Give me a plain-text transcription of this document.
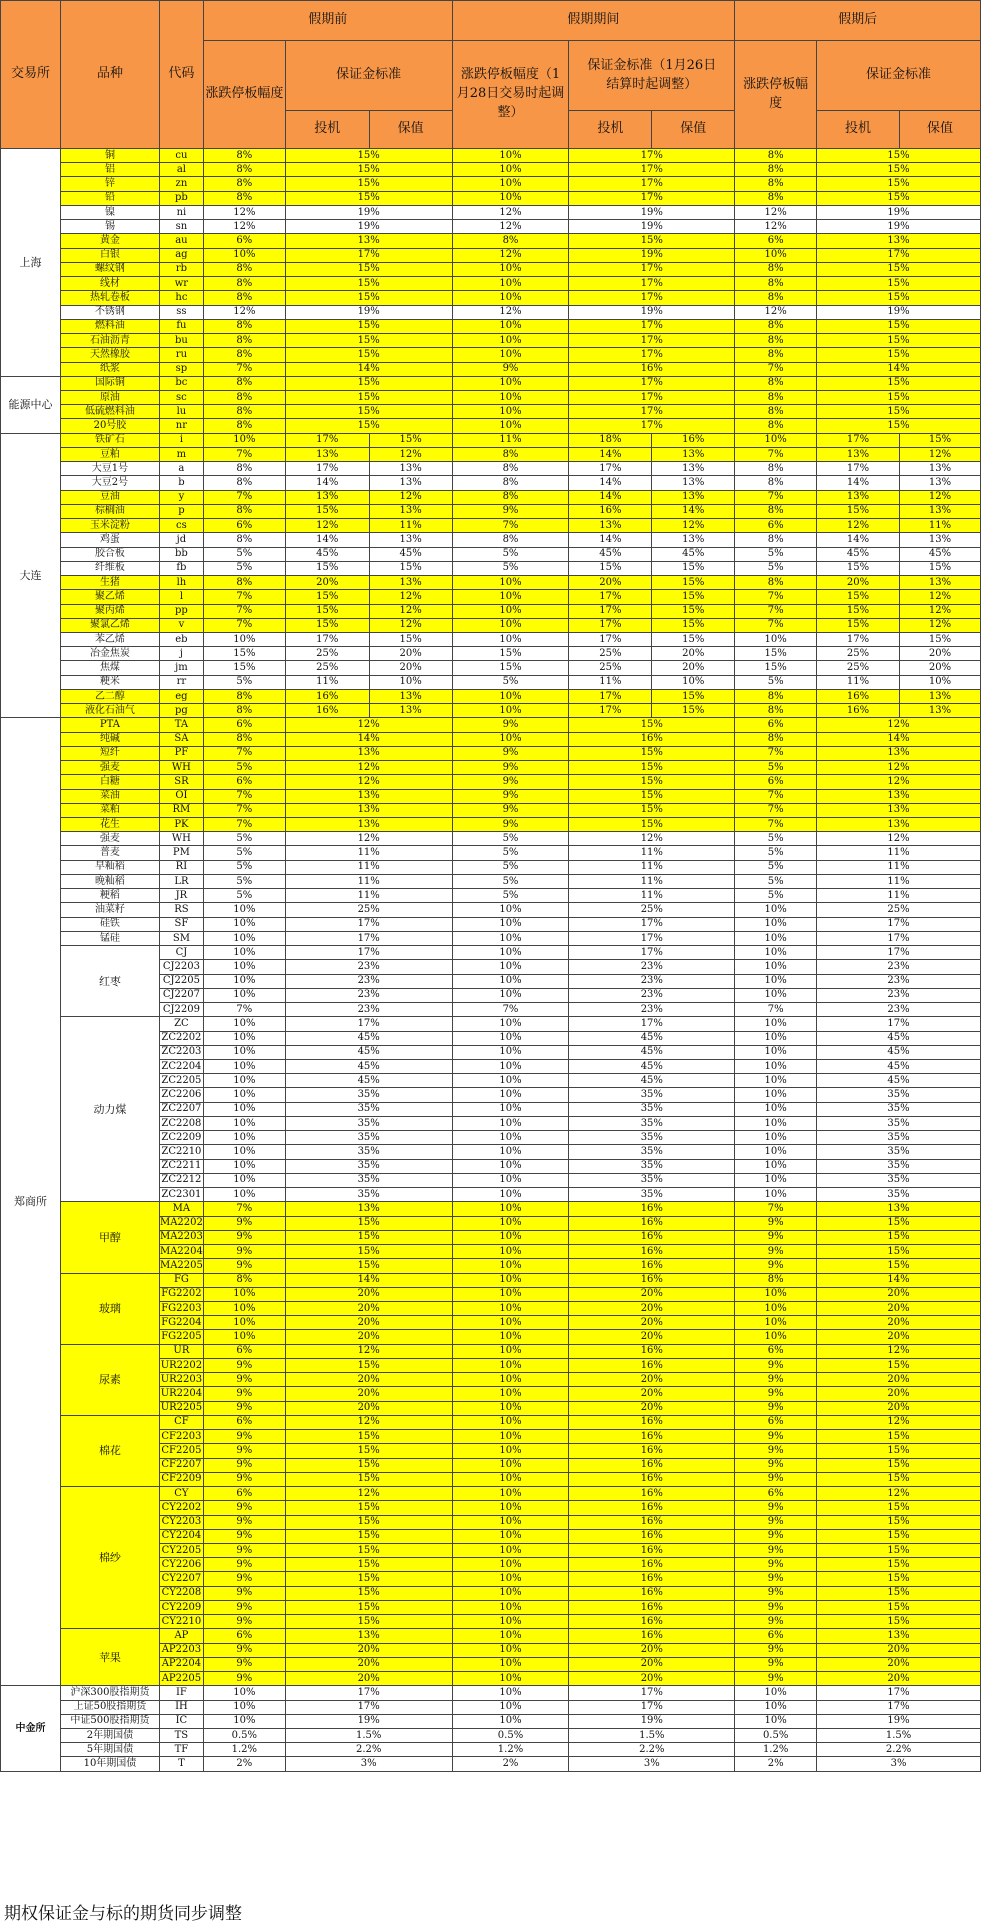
交易所	品种	代码	假期前			假期期间			假期后		
			涨跌停板幅度	保证金标准		涨跌停板幅度（1月28日交易时起调整）	保证金标准（1月26日结算时起调整）		涨跌停板幅度	保证金标准	
				投机	保值		投机	保值		投机	保值
上海	铜	cu	8%	15%		10%	17%		8%	15%	
	铝	al	8%	15%		10%	17%		8%	15%	
	锌	zn	8%	15%		10%	17%		8%	15%	
	铅	pb	8%	15%		10%	17%		8%	15%	
	镍	ni	12%	19%		12%	19%		12%	19%	
	锡	sn	12%	19%		12%	19%		12%	19%	
	黄金	au	6%	13%		8%	15%		6%	13%	
	白银	ag	10%	17%		12%	19%		10%	17%	
	螺纹钢	rb	8%	15%		10%	17%		8%	15%	
	线材	wr	8%	15%		10%	17%		8%	15%	
	热轧卷板	hc	8%	15%		10%	17%		8%	15%	
	不锈钢	ss	12%	19%		12%	19%		12%	19%	
	燃料油	fu	8%	15%		10%	17%		8%	15%	
	石油沥青	bu	8%	15%		10%	17%		8%	15%	
	天然橡胶	ru	8%	15%		10%	17%		8%	15%	
	纸浆	sp	7%	14%		9%	16%		7%	14%	
能源中心	国际铜	bc	8%	15%		10%	17%		8%	15%	
	原油	sc	8%	15%		10%	17%		8%	15%	
	低硫燃料油	lu	8%	15%		10%	17%		8%	15%	
	20号胶	nr	8%	15%		10%	17%		8%	15%	
大连	铁矿石	i	10%	17%	15%	11%	18%	16%	10%	17%	15%
	豆粕	m	7%	13%	12%	8%	14%	13%	7%	13%	12%
	大豆1号	a	8%	17%	13%	8%	17%	13%	8%	17%	13%
	大豆2号	b	8%	14%	13%	8%	14%	13%	8%	14%	13%
	豆油	y	7%	13%	12%	8%	14%	13%	7%	13%	12%
	棕榈油	p	8%	15%	13%	9%	16%	14%	8%	15%	13%
	玉米淀粉	cs	6%	12%	11%	7%	13%	12%	6%	12%	11%
	鸡蛋	jd	8%	14%	13%	8%	14%	13%	8%	14%	13%
	胶合板	bb	5%	45%	45%	5%	45%	45%	5%	45%	45%
	纤维板	fb	5%	15%	15%	5%	15%	15%	5%	15%	15%
	生猪	lh	8%	20%	13%	10%	20%	15%	8%	20%	13%
	聚乙烯	l	7%	15%	12%	10%	17%	15%	7%	15%	12%
	聚丙烯	pp	7%	15%	12%	10%	17%	15%	7%	15%	12%
	聚氯乙烯	v	7%	15%	12%	10%	17%	15%	7%	15%	12%
	苯乙烯	eb	10%	17%	15%	10%	17%	15%	10%	17%	15%
	冶金焦炭	j	15%	25%	20%	15%	25%	20%	15%	25%	20%
	焦煤	jm	15%	25%	20%	15%	25%	20%	15%	25%	20%
	粳米	rr	5%	11%	10%	5%	11%	10%	5%	11%	10%
	乙二醇	eg	8%	16%	13%	10%	17%	15%	8%	16%	13%
	液化石油气	pg	8%	16%	13%	10%	17%	15%	8%	16%	13%
郑商所	PTA	TA	6%	12%		9%	15%		6%	12%	
	纯碱	SA	8%	14%		10%	16%		8%	14%	
	短纤	PF	7%	13%		9%	15%		7%	13%	
	强麦	WH	5%	12%		9%	15%		5%	12%	
	白糖	SR	6%	12%		9%	15%		6%	12%	
	菜油	OI	7%	13%		9%	15%		7%	13%	
	菜粕	RM	7%	13%		9%	15%		7%	13%	
	花生	PK	7%	13%		9%	15%		7%	13%	
	强麦	WH	5%	12%		5%	12%		5%	12%	
	普麦	PM	5%	11%		5%	11%		5%	11%	
	早籼稻	RI	5%	11%		5%	11%		5%	11%	
	晚籼稻	LR	5%	11%		5%	11%		5%	11%	
	粳稻	JR	5%	11%		5%	11%		5%	11%	
	油菜籽	RS	10%	25%		10%	25%		10%	25%	
	硅铁	SF	10%	17%		10%	17%		10%	17%	
	锰硅	SM	10%	17%		10%	17%		10%	17%	
	红枣	CJ	10%	17%		10%	17%		10%	17%	
		CJ2203	10%	23%		10%	23%		10%	23%	
		CJ2205	10%	23%		10%	23%		10%	23%	
		CJ2207	10%	23%		10%	23%		10%	23%	
		CJ2209	7%	23%		7%	23%		7%	23%	
	动力煤	ZC	10%	17%		10%	17%		10%	17%	
		ZC2202	10%	45%		10%	45%		10%	45%	
		ZC2203	10%	45%		10%	45%		10%	45%	
		ZC2204	10%	45%		10%	45%		10%	45%	
		ZC2205	10%	45%		10%	45%		10%	45%	
		ZC2206	10%	35%		10%	35%		10%	35%	
		ZC2207	10%	35%		10%	35%		10%	35%	
		ZC2208	10%	35%		10%	35%		10%	35%	
		ZC2209	10%	35%		10%	35%		10%	35%	
		ZC2210	10%	35%		10%	35%		10%	35%	
		ZC2211	10%	35%		10%	35%		10%	35%	
		ZC2212	10%	35%		10%	35%		10%	35%	
		ZC2301	10%	35%		10%	35%		10%	35%	
	甲醇	MA	7%	13%		10%	16%		7%	13%	
		MA2202	9%	15%		10%	16%		9%	15%	
		MA2203	9%	15%		10%	16%		9%	15%	
		MA2204	9%	15%		10%	16%		9%	15%	
		MA2205	9%	15%		10%	16%		9%	15%	
	玻璃	FG	8%	14%		10%	16%		8%	14%	
		FG2202	10%	20%		10%	20%		10%	20%	
		FG2203	10%	20%		10%	20%		10%	20%	
		FG2204	10%	20%		10%	20%		10%	20%	
		FG2205	10%	20%		10%	20%		10%	20%	
	尿素	UR	6%	12%		10%	16%		6%	12%	
		UR2202	9%	15%		10%	16%		9%	15%	
		UR2203	9%	20%		10%	20%		9%	20%	
		UR2204	9%	20%		10%	20%		9%	20%	
		UR2205	9%	20%		10%	20%		9%	20%	
	棉花	CF	6%	12%		10%	16%		6%	12%	
		CF2203	9%	15%		10%	16%		9%	15%	
		CF2205	9%	15%		10%	16%		9%	15%	
		CF2207	9%	15%		10%	16%		9%	15%	
		CF2209	9%	15%		10%	16%		9%	15%	
	棉纱	CY	6%	12%		10%	16%		6%	12%	
		CY2202	9%	15%		10%	16%		9%	15%	
		CY2203	9%	15%		10%	16%		9%	15%	
		CY2204	9%	15%		10%	16%		9%	15%	
		CY2205	9%	15%		10%	16%		9%	15%	
		CY2206	9%	15%		10%	16%		9%	15%	
		CY2207	9%	15%		10%	16%		9%	15%	
		CY2208	9%	15%		10%	16%		9%	15%	
		CY2209	9%	15%		10%	16%		9%	15%	
		CY2210	9%	15%		10%	16%		9%	15%	
	苹果	AP	6%	13%		10%	16%		6%	13%	
		AP2203	9%	20%		10%	20%		9%	20%	
		AP2204	9%	20%		10%	20%		9%	20%	
		AP2205	9%	20%		10%	20%		9%	20%	
中金所	沪深300股指期货	IF	10%	17%		10%	17%		10%	17%	
	上证50股指期货	IH	10%	17%		10%	17%		10%	17%	
	中证500股指期货	IC	10%	19%		10%	19%		10%	19%	
	2年期国债	TS	0.5%	1.5%		0.5%	1.5%		0.5%	1.5%	
	5年期国债	TF	1.2%	2.2%		1.2%	2.2%		1.2%	2.2%	
	10年期国债	T	2%	3%		2%	3%		2%	3%	
期权保证金与标的期货同步调整
